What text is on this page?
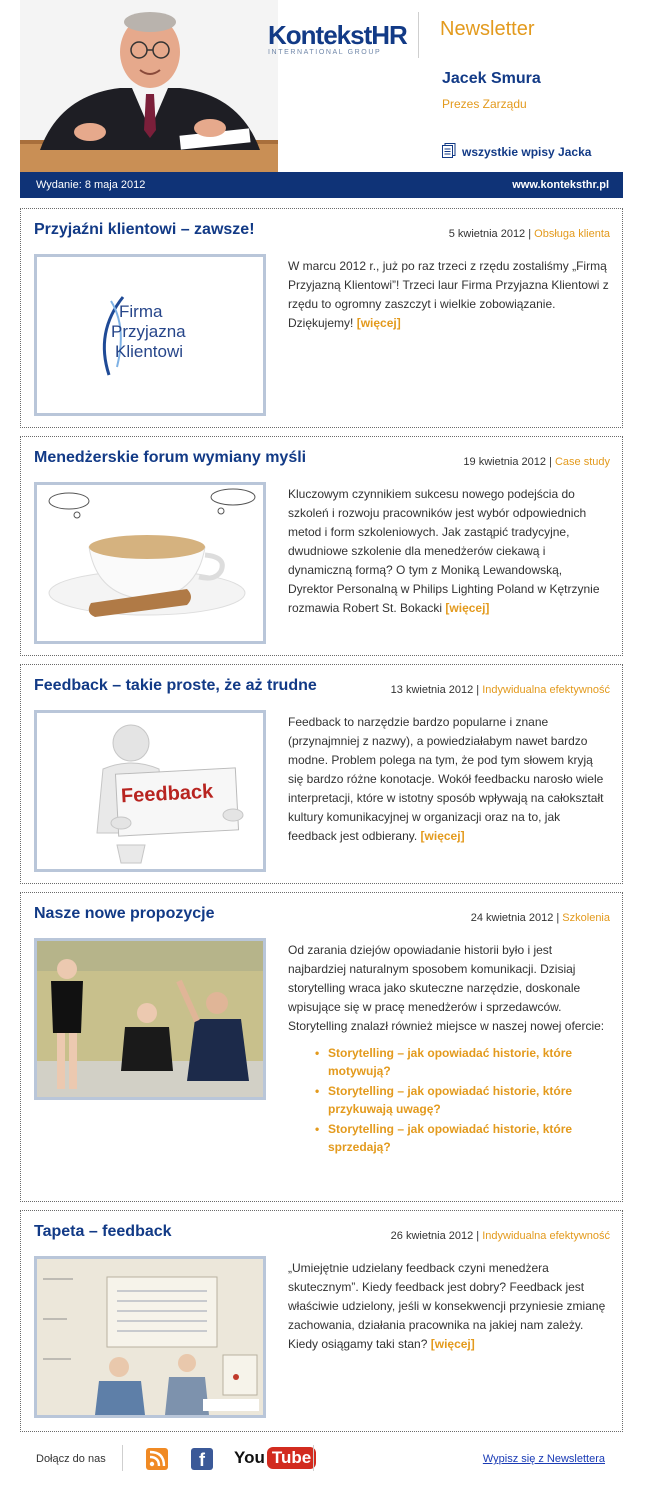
KontekstHR
INTERNATIONAL GROUP
Newsletter
Jacek Smura
Prezes Zarządu
wszystkie wpisy Jacka
Wydanie: 8 maja 2012	www.konteksthr.pl
Przyjaźni klientowi – zawsze!	5 kwietnia 2012 | Obsługa klienta
Firma
Przyjazna
Klientowi
W marcu 2012 r., już po raz trzeci z rzędu zostaliśmy „Firmą Przyjazną Klientowi”! Trzeci laur Firma Przyjazna Klientowi z rzędu to ogromny zaszczyt i wielkie zobowiązanie. Dziękujemy! [więcej]
Menedżerskie forum wymiany myśli	19 kwietnia 2012 | Case study
Kluczowym czynnikiem sukcesu nowego podejścia do szkoleń i rozwoju pracowników jest wybór odpowiednich metod i form szkoleniowych. Jak zastąpić tradycyjne, dwudniowe szkolenie dla menedżerów ciekawą i dynamiczną formą? O tym z Moniką Lewandowską, Dyrektor Personalną w Philips Lighting Poland w Kętrzynie rozmawia Robert St. Bokacki [więcej]
Feedback – takie proste, że aż trudne	13 kwietnia 2012 | Indywidualna efektywność
Feedback
Feedback to narzędzie bardzo popularne i znane (przynajmniej z nazwy), a powiedziałabym nawet bardzo modne. Problem polega na tym, że pod tym słowem kryją się bardzo różne konotacje. Wokół feedbacku narosło wiele interpretacji, które w istotny sposób wpływają na całokształt kultury komunikacyjnej w organizacji oraz na to, jak feedback jest odbierany. [więcej]
Nasze nowe propozycje	24 kwietnia 2012 | Szkolenia
Od zarania dziejów opowiadanie historii było i jest najbardziej naturalnym sposobem komunikacji. Dzisiaj storytelling wraca jako skuteczne narzędzie, doskonale wpisujące się w pracę menedżerów i sprzedawców. Storytelling znalazł również miejsce w naszej nowej ofercie:
• Storytelling – jak opowiadać historie, które motywują?
• Storytelling – jak opowiadać historie, które przykuwają uwagę?
• Storytelling – jak opowiadać historie, które sprzedają?
Tapeta – feedback	26 kwietnia 2012 | Indywidualna efektywność
„Umiejętnie udzielany feedback czyni menedżera skutecznym”. Kiedy feedback jest dobry? Feedback jest właściwie udzielony, jeśli w konsekwencji przyniesie zmianę zachowania, działania pracownika na jakiej nam zależy. Kiedy osiągamy taki stan? [więcej]
Dołącz do nas	f	You Tube	Wypisz się z Newslettera
